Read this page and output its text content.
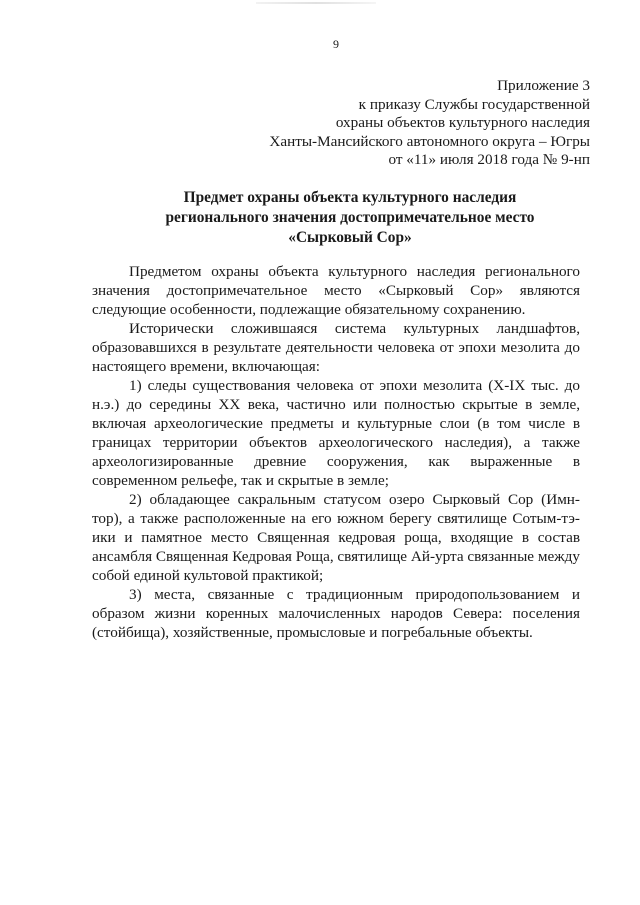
9
Приложение 3
к приказу Службы государственной
охраны объектов культурного наследия
Ханты-Мансийского автономного округа – Югры
от «11» июля 2018 года № 9-нп
Предмет охраны объекта культурного наследия
регионального значения достопримечательное место
«Сырковый Сор»

Предметом охраны объекта культурного наследия регионального значения достопримечательное место «Сырковый Сор» являются следующие особенности, подлежащие обязательному сохранению.

Исторически сложившаяся система культурных ландшафтов, образовавшихся в результате деятельности человека от эпохи мезолита до настоящего времени, включающая:

1) следы существования человека от эпохи мезолита (X-IX тыс. до н.э.) до середины XX века, частично или полностью скрытые в земле, включая археологические предметы и культурные слои (в том числе в границах территории объектов археологического наследия), а также археологизированные древние сооружения, как выраженные в современном рельефе, так и скрытые в земле;

2) обладающее сакральным статусом озеро Сырковый Сор (Имн-тор), а также расположенные на его южном берегу святилище Сотым-тэ-ики и памятное место Священная кедровая роща, входящие в состав ансамбля Священная Кедровая Роща, святилище Ай-урта связанные между собой единой культовой практикой;

3) места, связанные с традиционным природопользованием и образом жизни коренных малочисленных народов Севера: поселения (стойбища), хозяйственные, промысловые и погребальные объекты.
